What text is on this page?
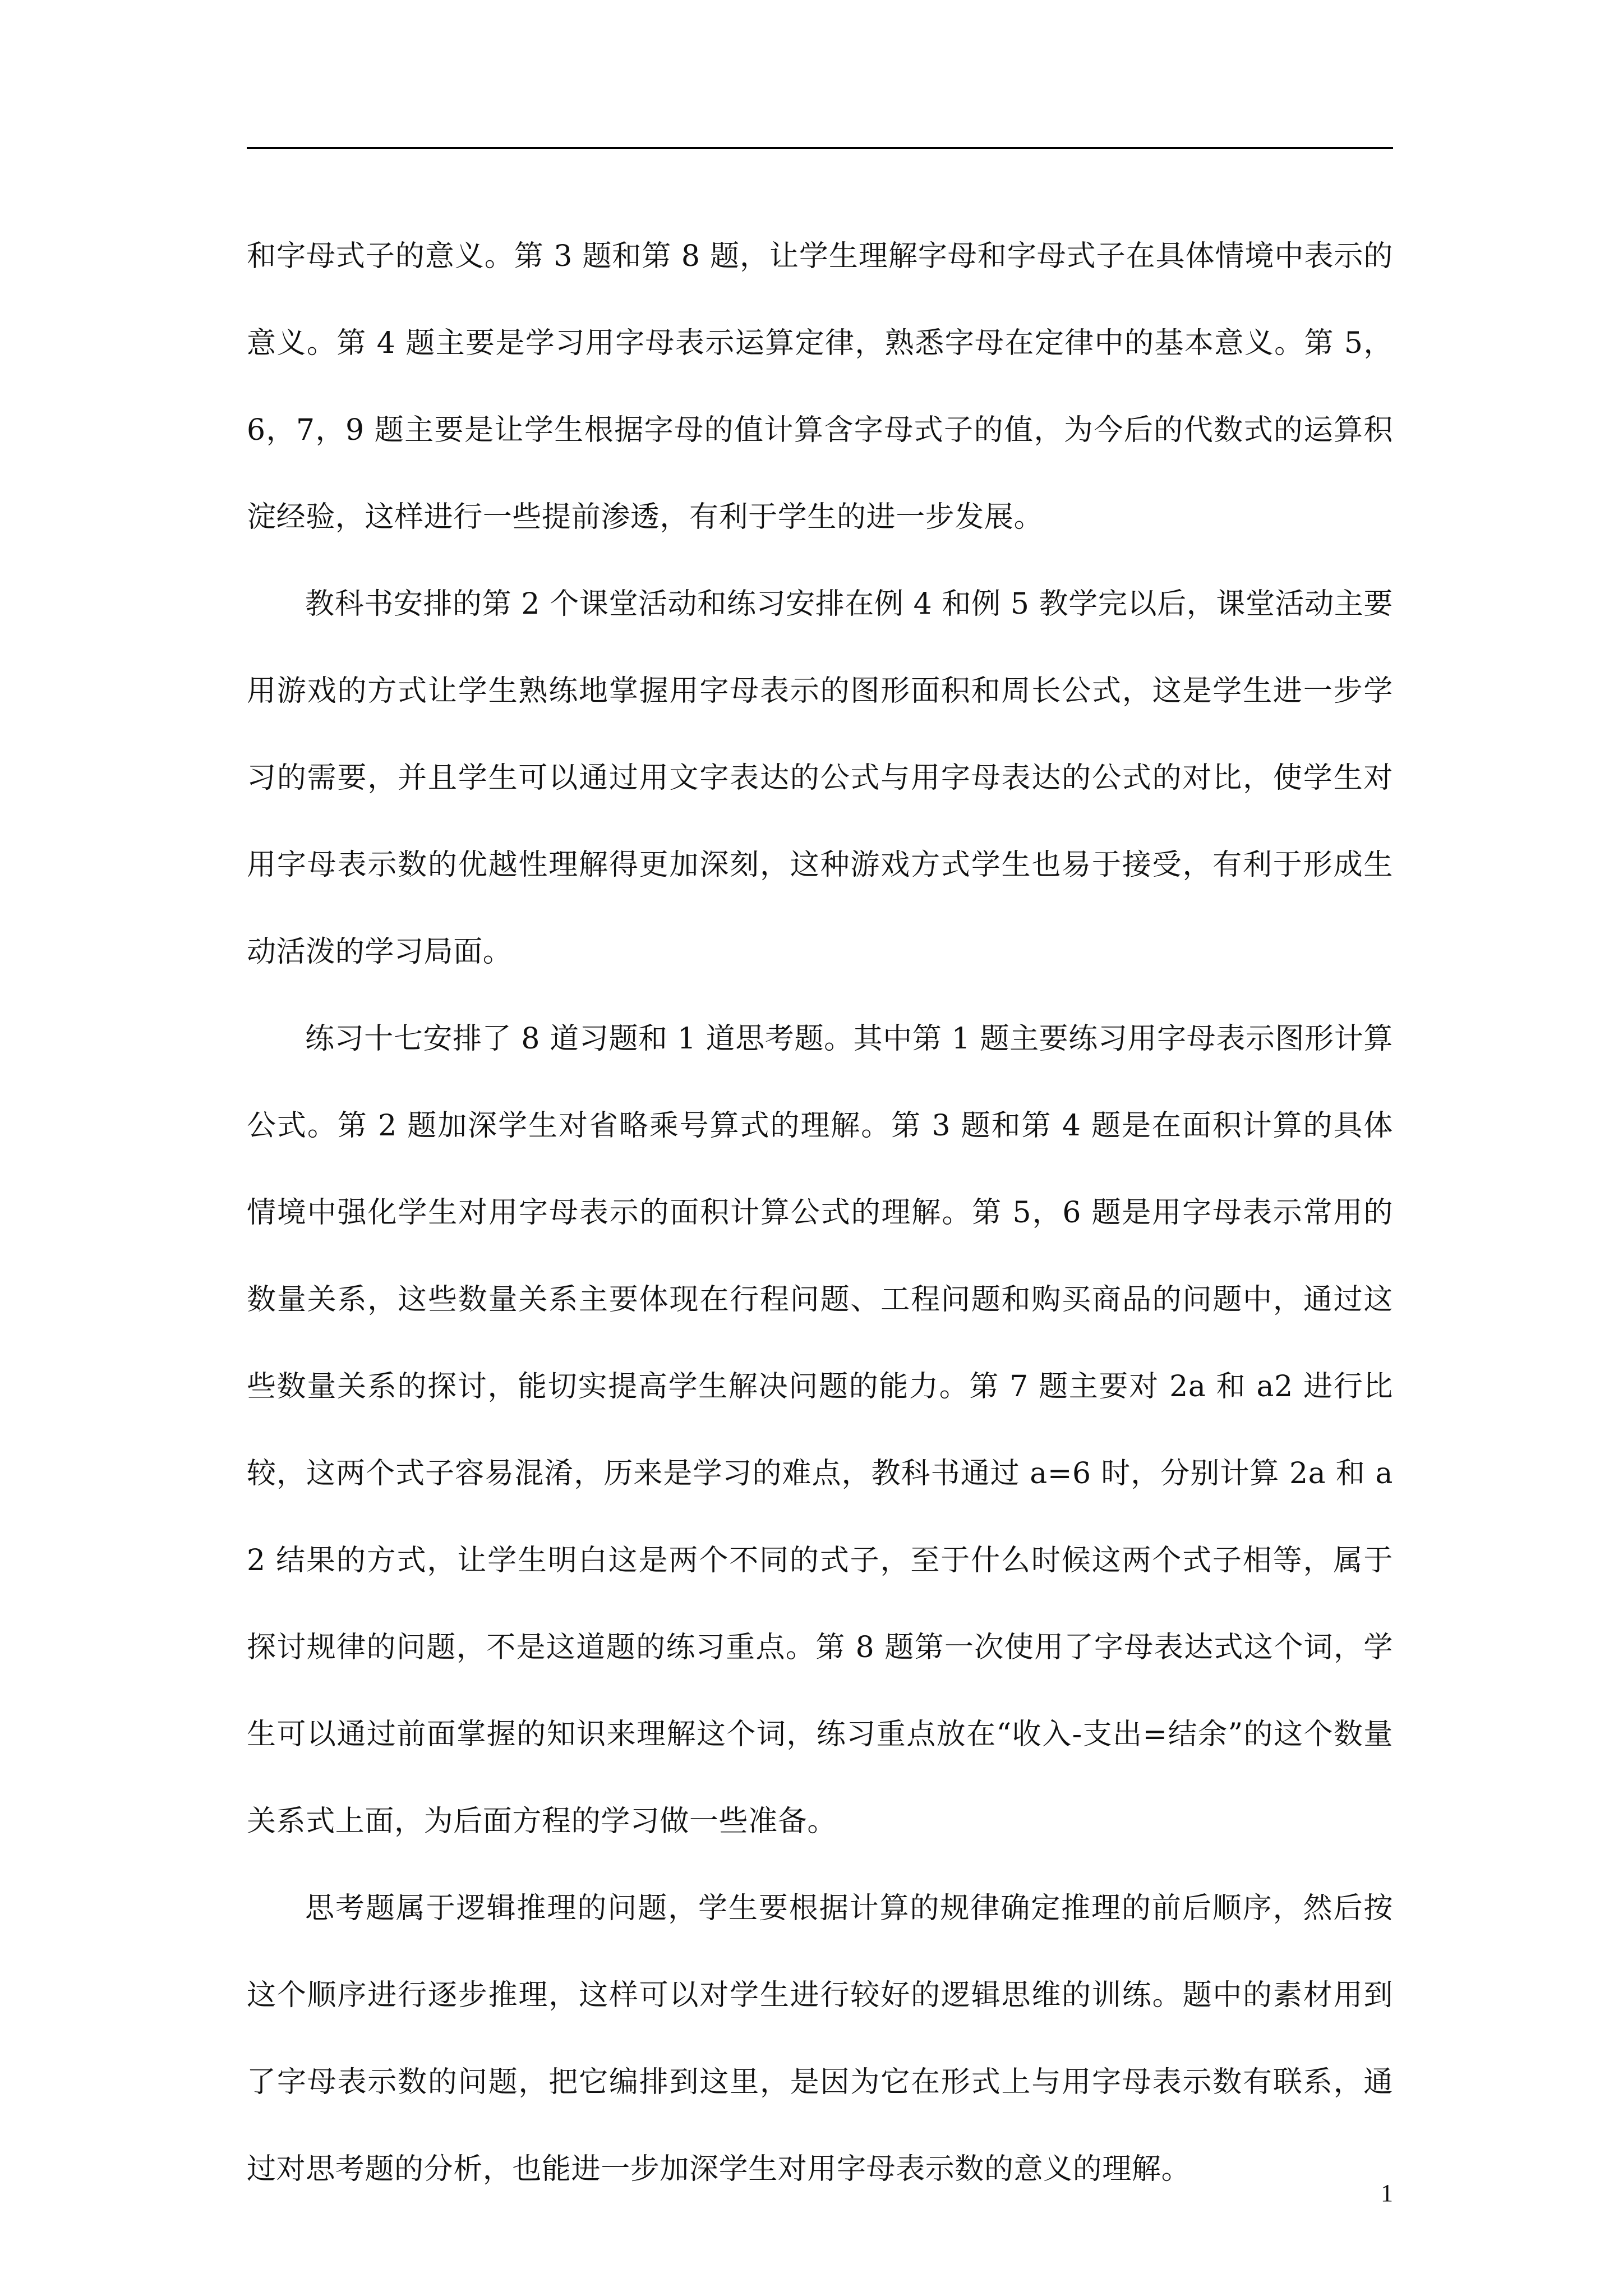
和字母式子的意义。第 3 题和第 8 题，让学生理解字母和字母式子在具体情境中表示的意义。第 4 题主要是学习用字母表示运算定律，熟悉字母在定律中的基本意义。第 5，6，7，9 题主要是让学生根据字母的值计算含字母式子的值，为今后的代数式的运算积淀经验，这样进行一些提前渗透，有利于学生的进一步发展。

教科书安排的第 2 个课堂活动和练习安排在例 4 和例 5 教学完以后，课堂活动主要用游戏的方式让学生熟练地掌握用字母表示的图形面积和周长公式，这是学生进一步学习的需要，并且学生可以通过用文字表达的公式与用字母表达的公式的对比，使学生对用字母表示数的优越性理解得更加深刻，这种游戏方式学生也易于接受，有利于形成生动活泼的学习局面。

练习十七安排了 8 道习题和 1 道思考题。其中第 1 题主要练习用字母表示图形计算公式。第 2 题加深学生对省略乘号算式的理解。第 3 题和第 4 题是在面积计算的具体情境中强化学生对用字母表示的面积计算公式的理解。第 5，6 题是用字母表示常用的数量关系，这些数量关系主要体现在行程问题、工程问题和购买商品的问题中，通过这些数量关系的探讨，能切实提高学生解决问题的能力。第 7 题主要对 2a 和 a2 进行比较，这两个式子容易混淆，历来是学习的难点，教科书通过 a=6 时，分别计算 2a 和 a2 结果的方式，让学生明白这是两个不同的式子，至于什么时候这两个式子相等，属于探讨规律的问题，不是这道题的练习重点。第 8 题第一次使用了字母表达式这个词，学生可以通过前面掌握的知识来理解这个词，练习重点放在“收入-支出=结余”的这个数量关系式上面，为后面方程的学习做一些准备。

思考题属于逻辑推理的问题，学生要根据计算的规律确定推理的前后顺序，然后按这个顺序进行逐步推理，这样可以对学生进行较好的逻辑思维的训练。题中的素材用到了字母表示数的问题，把它编排到这里，是因为它在形式上与用字母表示数有联系，通过对思考题的分析，也能进一步加深学生对用字母表示数的意义的理解。

1
